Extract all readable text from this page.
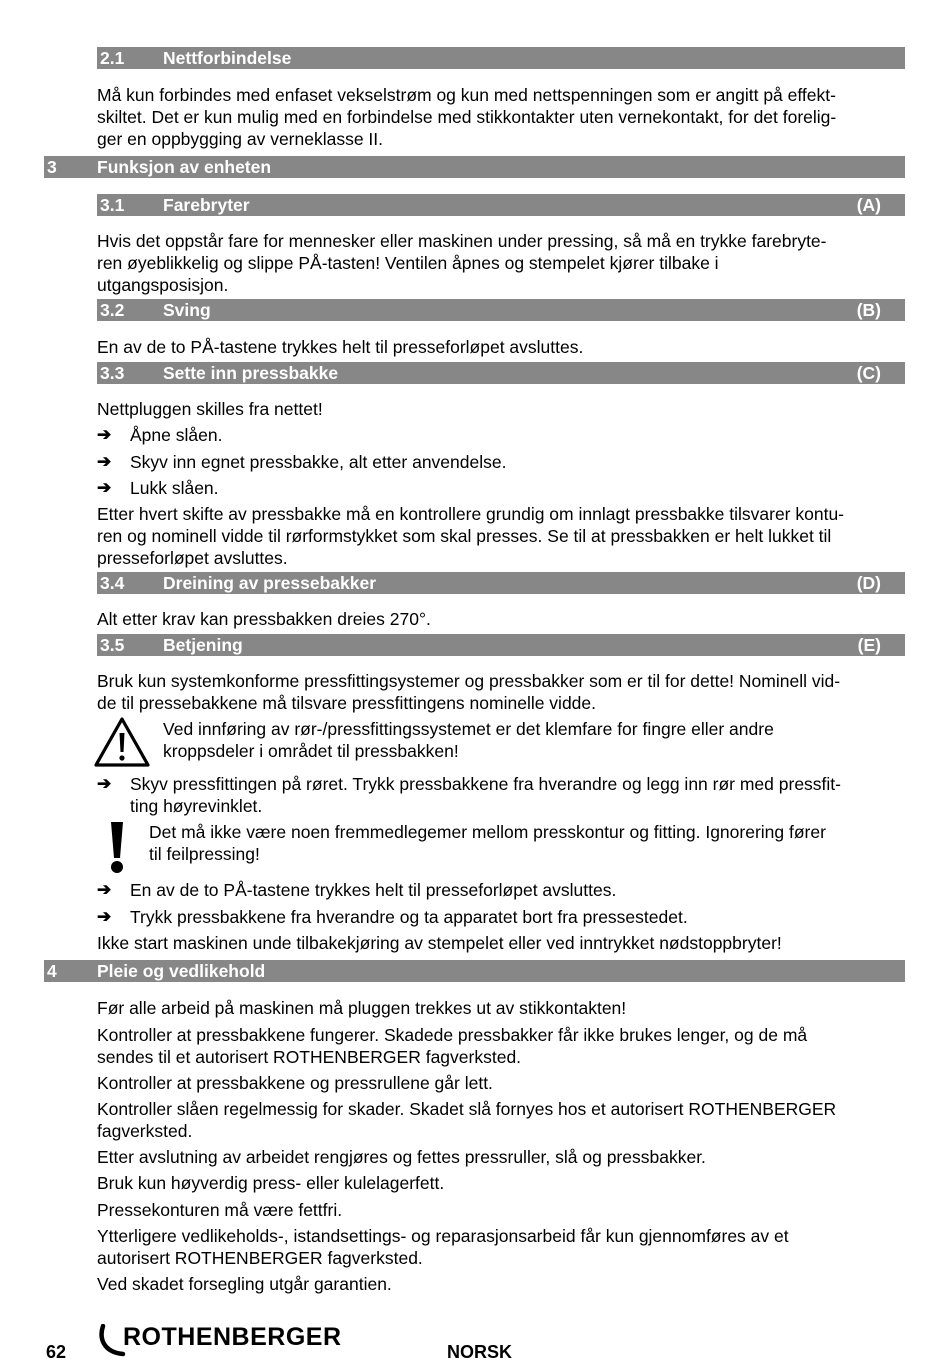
2.1 Nettforbindelse
Må kun forbindes med enfaset vekselstrøm og kun med nettspenningen som er angitt på effekt-
skiltet. Det er kun mulig med en forbindelse med stikkontakter uten vernekontakt, for det forelig-
ger en oppbygging av verneklasse II.
3 Funksjon av enheten
3.1 Farebryter	(A)
Hvis det oppstår fare for mennesker eller maskinen under pressing, så må en trykke farebryte-
ren øyeblikkelig og slippe PÅ-tasten! Ventilen åpnes og stempelet kjører tilbake i
utgangsposisjon.
3.2 Sving	(B)
En av de to PÅ-tastene trykkes helt til presseforløpet avsluttes.
3.3 Sette inn pressbakke	(C)
Nettpluggen skilles fra nettet!
➔ Åpne slåen.
➔ Skyv inn egnet pressbakke, alt etter anvendelse.
➔ Lukk slåen.
Etter hvert skifte av pressbakke må en kontrollere grundig om innlagt pressbakke tilsvarer kontu-
ren og nominell vidde til rørformstykket som skal presses. Se til at pressbakken er helt lukket til
presseforløpet avsluttes.
3.4 Dreining av pressebakker	(D)
Alt etter krav kan pressbakken dreies 270°.
3.5 Betjening	(E)
Bruk kun systemkonforme pressfittingsystemer og pressbakker som er til for dette! Nominell vid-
de til pressebakkene må tilsvare pressfittingens nominelle vidde.
Ved innføring av rør-/pressfittingssystemet er det klemfare for fingre eller andre
kroppsdeler i området til pressbakken!
➔ Skyv pressfittingen på røret. Trykk pressbakkene fra hverandre og legg inn rør med pressfit-
ting høyrevinklet.
Det må ikke være noen fremmedlegemer mellom presskontur og fitting. Ignorering fører
til feilpressing!
➔ En av de to PÅ-tastene trykkes helt til presseforløpet avsluttes.
➔ Trykk pressbakkene fra hverandre og ta apparatet bort fra pressestedet.
Ikke start maskinen unde tilbakekjøring av stempelet eller ved inntrykket nødstoppbryter!
4 Pleie og vedlikehold
Før alle arbeid på maskinen må pluggen trekkes ut av stikkontakten!
Kontroller at pressbakkene fungerer. Skadede pressbakker får ikke brukes lenger, og de må
sendes til et autorisert ROTHENBERGER fagverksted.
Kontroller at pressbakkene og pressrullene går lett.
Kontroller slåen regelmessig for skader. Skadet slå fornyes hos et autorisert ROTHENBERGER
fagverksted.
Etter avslutning av arbeidet rengjøres og fettes pressruller, slå og pressbakker.
Bruk kun høyverdig press- eller kulelagerfett.
Pressekonturen må være fettfri.
Ytterligere vedlikeholds-, istandsettings- og reparasjonsarbeid får kun gjennomføres av et
autorisert ROTHENBERGER fagverksted.
Ved skadet forsegling utgår garantien.
62
ROTHENBERGER
NORSK
